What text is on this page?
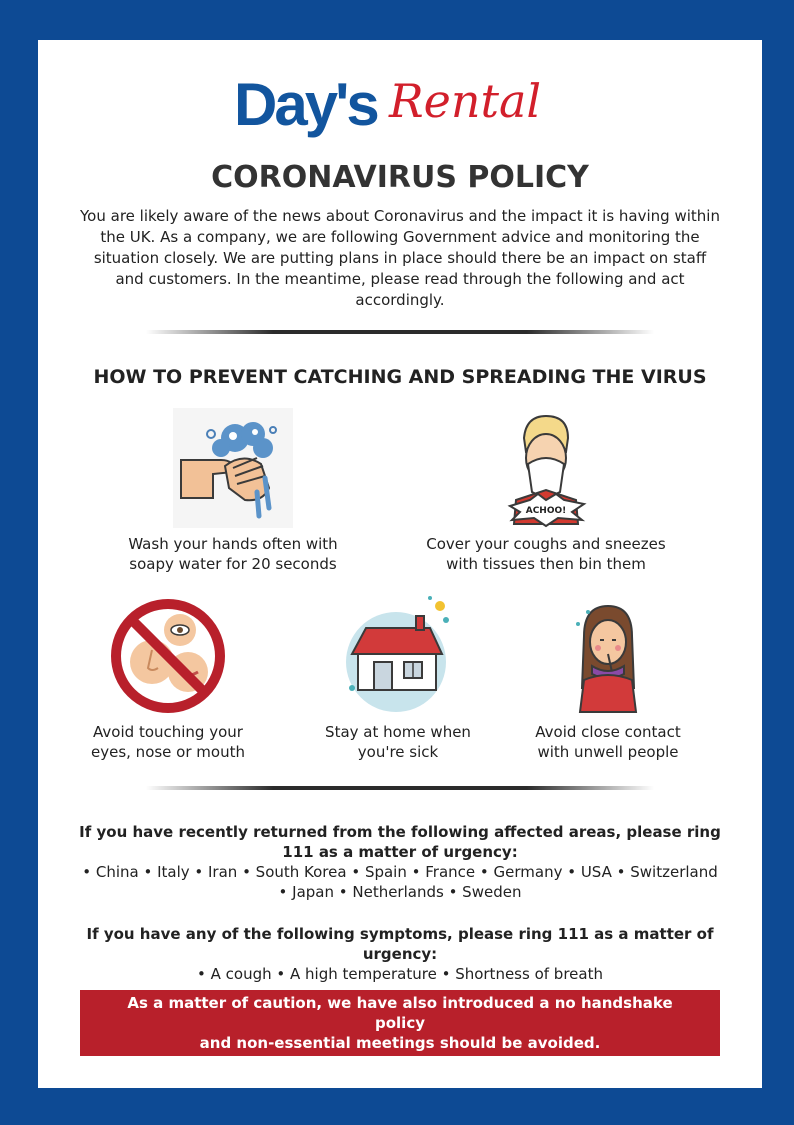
Day's Rental
CORONAVIRUS POLICY
You are likely aware of the news about Coronavirus and the impact it is having within the UK. As a company, we are following Government advice and monitoring the situation closely. We are putting plans in place should there be an impact on staff and customers. In the meantime, please read through the following and act accordingly.
HOW TO PREVENT CATCHING AND SPREADING THE VIRUS
Wash your hands often with
soapy water for 20 seconds
ACHOO!
Cover your coughs and sneezes
with tissues then bin them
Avoid touching your
eyes, nose or mouth
Stay at home when
you're sick
Avoid close contact
with unwell people
If you have recently returned from the following affected areas, please ring
111 as a matter of urgency:
• China • Italy • Iran • South Korea • Spain • France • Germany • USA • Switzerland
• Japan • Netherlands • Sweden
If you have any of the following symptoms, please ring 111 as a matter of urgency:
• A cough • A high temperature • Shortness of breath
As a matter of caution, we have also introduced a no handshake policy
and non-essential meetings should be avoided.
